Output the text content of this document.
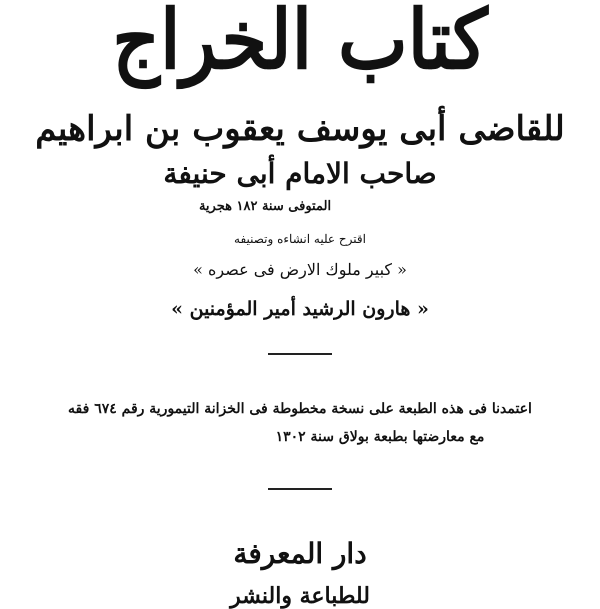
كتاب الخراج
للقاضى أبى يوسف يعقوب بن ابراهيم
صاحب الامام أبى حنيفة
المتوفى سنة ١٨٢ هجرية
اقترح عليه انشاءه وتصنيفه
« كبير ملوك الارض فى عصره »
« هارون الرشيد أمير المؤمنين »
اعتمدنا فى هذه الطبعة على نسخة مخطوطة فى الخزانة التيمورية رقم ٦٧٤ فقه
مع معارضتها بطبعة بولاق سنة ١٣٠٢
دار المعرفة
للطباعة والنشر
